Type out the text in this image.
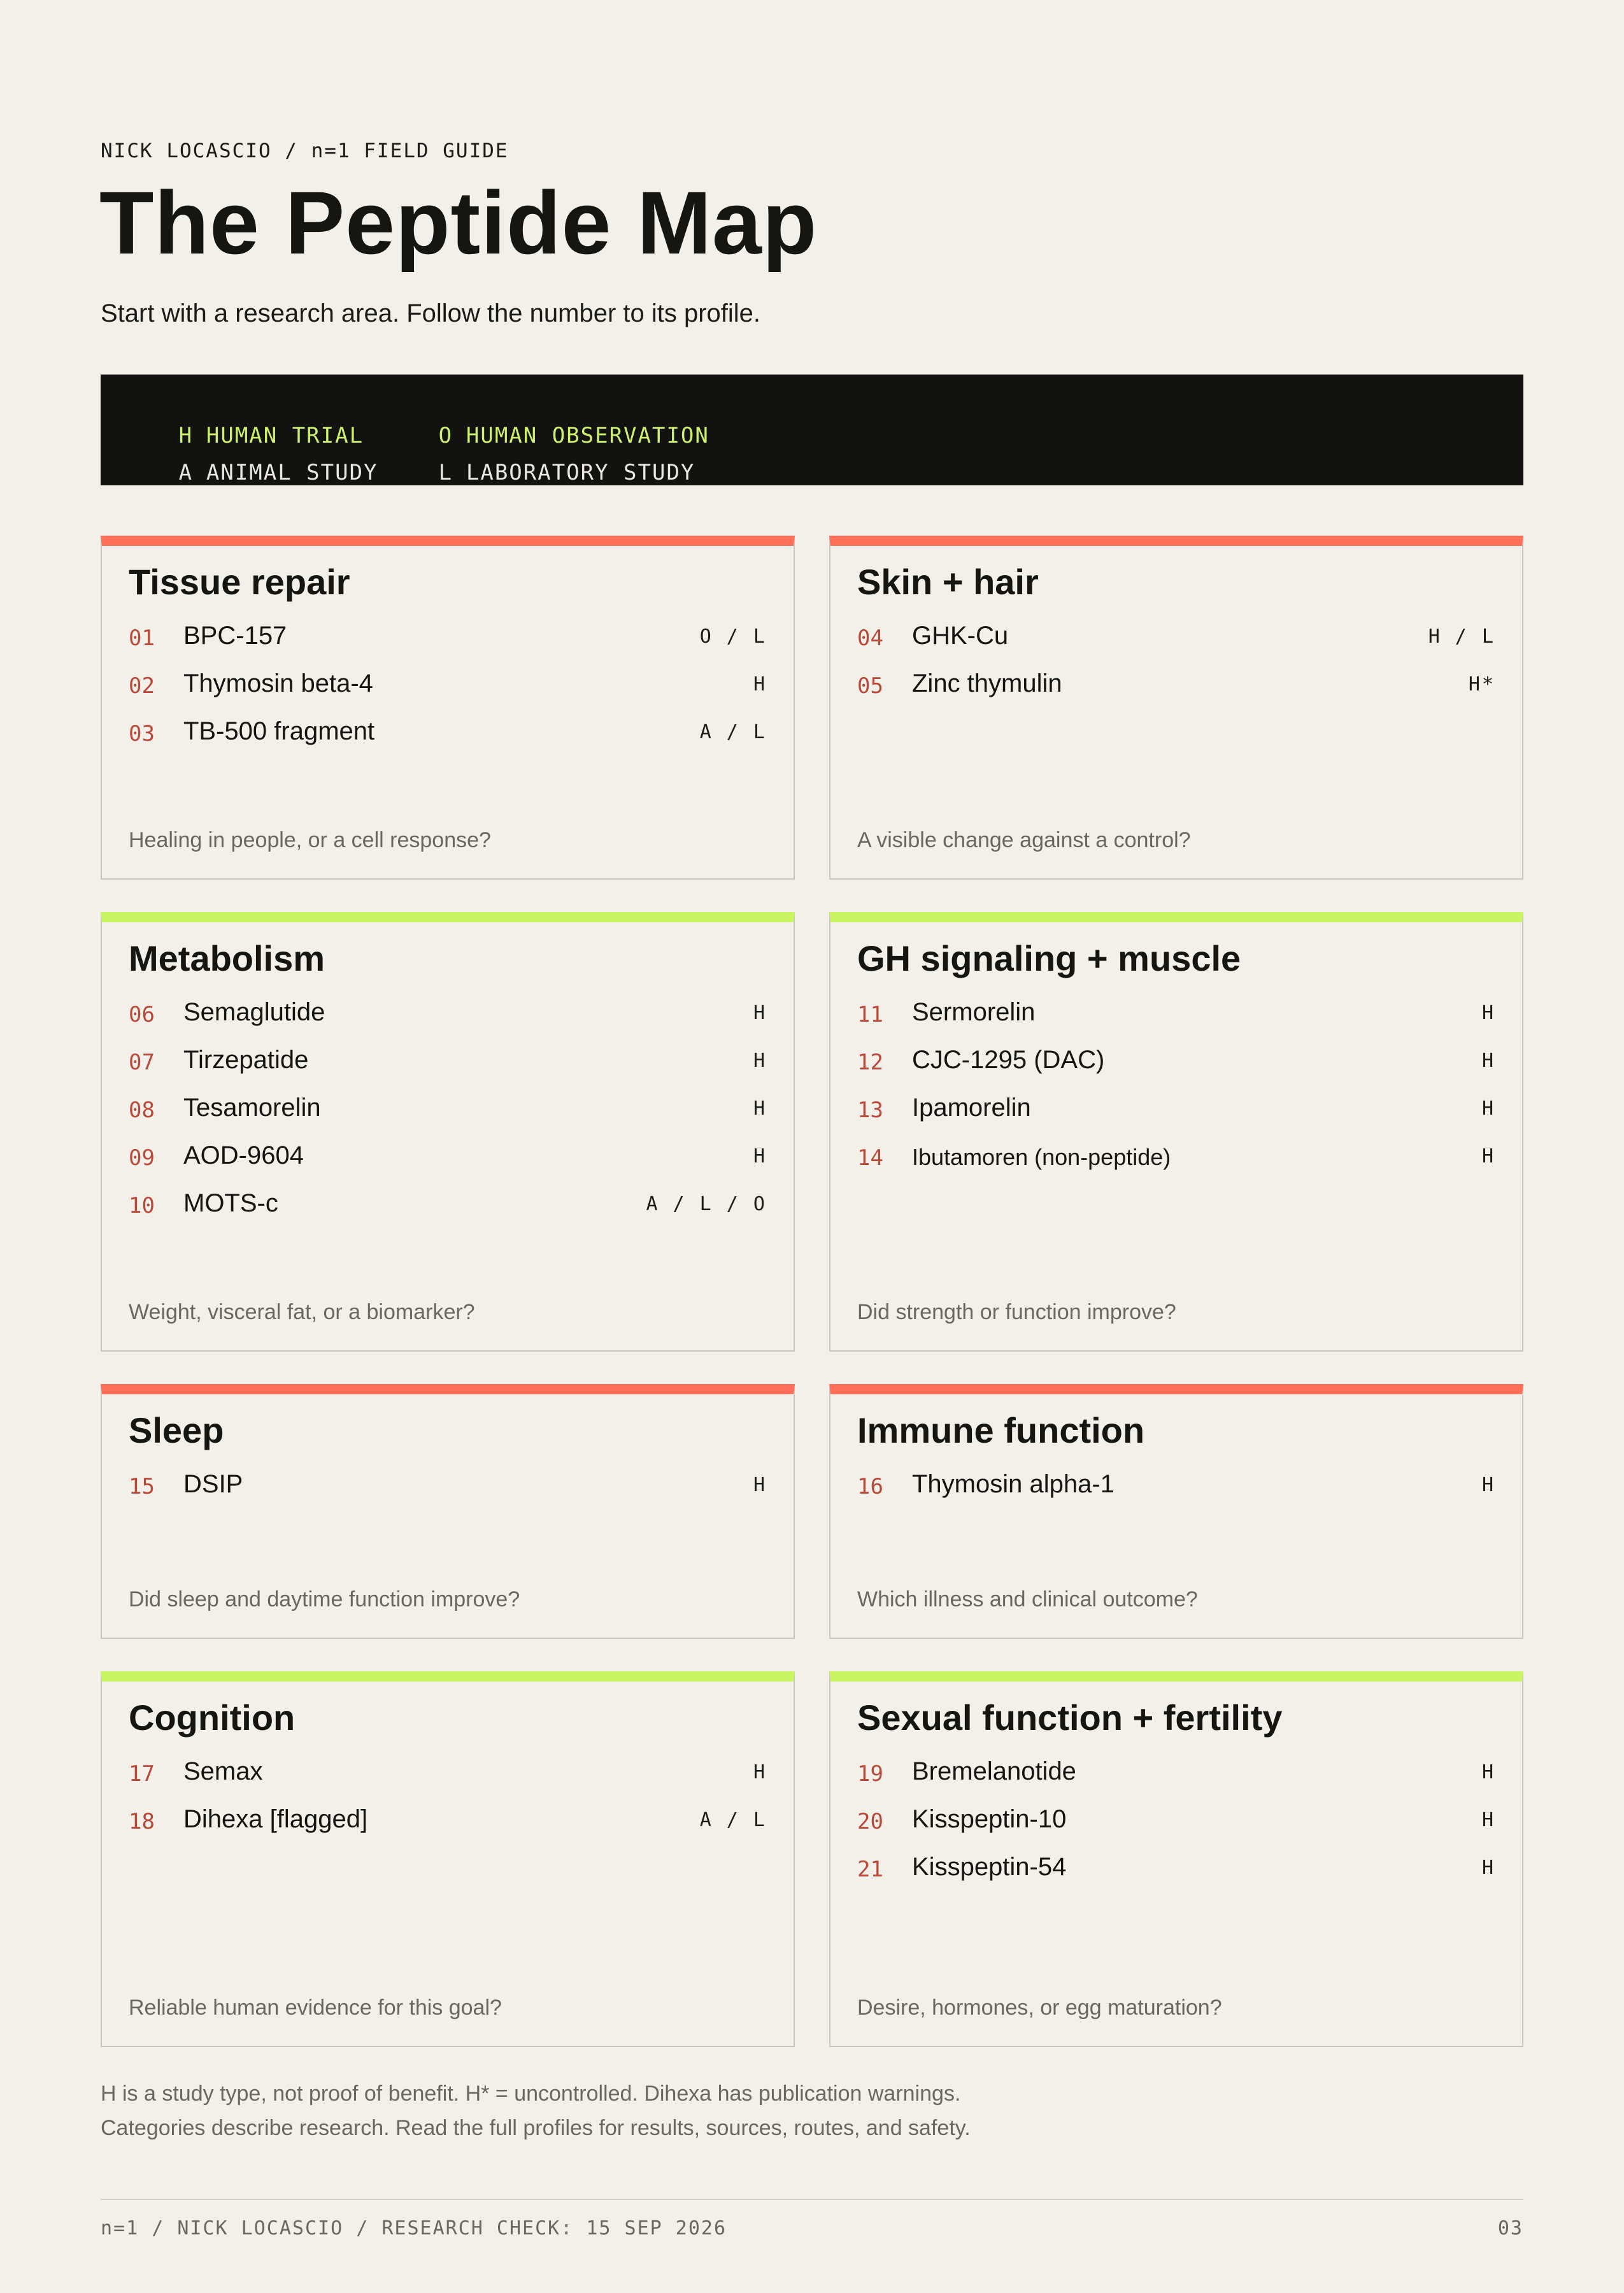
NICK LOCASCIO / n=1 FIELD GUIDE
The Peptide Map
Start with a research area. Follow the number to its profile.

H HUMAN TRIAL	O HUMAN OBSERVATION

A ANIMAL STUDY	L LABORATORY STUDY

Tissue repair
01 BPC-157	O / L
02 Thymosin beta-4	H
03 TB-500 fragment	A / L
Healing in people, or a cell response?
Skin + hair
04 GHK-Cu	H / L
05 Zinc thymulin	H*
A visible change against a control?
Metabolism
06 Semaglutide	H
07 Tirzepatide	H
08 Tesamorelin	H
09 AOD-9604	H
10 MOTS-c	A / L / O
Weight, visceral fat, or a biomarker?
GH signaling + muscle
11 Sermorelin	H
12 CJC-1295 (DAC)	H
13 Ipamorelin	H
14 Ibutamoren (non-peptide)	H
Did strength or function improve?
Sleep
15 DSIP	H
Did sleep and daytime function improve?
Immune function
16 Thymosin alpha-1	H
Which illness and clinical outcome?
Cognition
17 Semax	H
18 Dihexa [flagged]	A / L
Reliable human evidence for this goal?
Sexual function + fertility
19 Bremelanotide	H
20 Kisspeptin-10	H
21 Kisspeptin-54	H
Desire, hormones, or egg maturation?
H is a study type, not proof of benefit. H* = uncontrolled. Dihexa has publication warnings.
Categories describe research. Read the full profiles for results, sources, routes, and safety.
n=1 / NICK LOCASCIO / RESEARCH CHECK: 15 SEP 2026	03
